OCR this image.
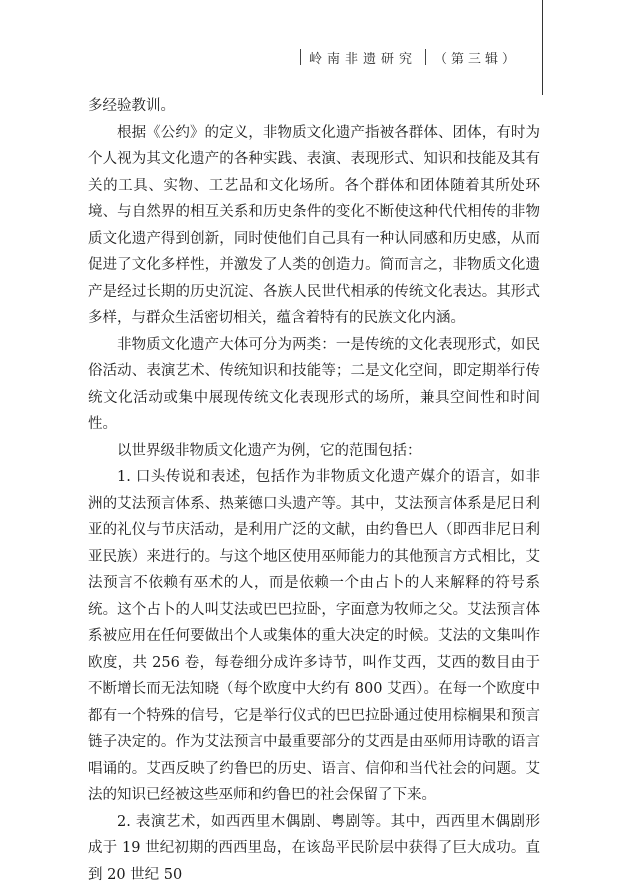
岭南非遗研究 （第三辑）

多经验教训。

根据《公约》的定义，非物质文化遗产指被各群体、团体，有时为个人视为其文化遗产的各种实践、表演、表现形式、知识和技能及其有关的工具、实物、工艺品和文化场所。各个群体和团体随着其所处环境、与自然界的相互关系和历史条件的变化不断使这种代代相传的非物质文化遗产得到创新，同时使他们自己具有一种认同感和历史感，从而促进了文化多样性，并激发了人类的创造力。简而言之，非物质文化遗产是经过长期的历史沉淀、各族人民世代相承的传统文化表达。其形式多样，与群众生活密切相关，蕴含着特有的民族文化内涵。

非物质文化遗产大体可分为两类：一是传统的文化表现形式，如民俗活动、表演艺术、传统知识和技能等；二是文化空间，即定期举行传统文化活动或集中展现传统文化表现形式的场所，兼具空间性和时间性。

以世界级非物质文化遗产为例，它的范围包括：

1. 口头传说和表述，包括作为非物质文化遗产媒介的语言，如非洲的艾法预言体系、热莱德口头遗产等。其中，艾法预言体系是尼日利亚的礼仪与节庆活动，是利用广泛的文献，由约鲁巴人（即西非尼日利亚民族）来进行的。与这个地区使用巫师能力的其他预言方式相比，艾法预言不依赖有巫术的人，而是依赖一个由占卜的人来解释的符号系统。这个占卜的人叫艾法或巴巴拉卧，字面意为牧师之父。艾法预言体系被应用在任何要做出个人或集体的重大决定的时候。艾法的文集叫作欧度，共 256 卷，每卷细分成许多诗节，叫作艾西，艾西的数目由于不断增长而无法知晓（每个欧度中大约有 800 艾西）。在每一个欧度中都有一个特殊的信号，它是举行仪式的巴巴拉卧通过使用棕榈果和预言链子决定的。作为艾法预言中最重要部分的艾西是由巫师用诗歌的语言唱诵的。艾西反映了约鲁巴的历史、语言、信仰和当代社会的问题。艾法的知识已经被这些巫师和约鲁巴的社会保留了下来。

2. 表演艺术，如西西里木偶剧、粤剧等。其中，西西里木偶剧形成于 19 世纪初期的西西里岛，在该岛平民阶层中获得了巨大成功。直到 20 世纪 50
